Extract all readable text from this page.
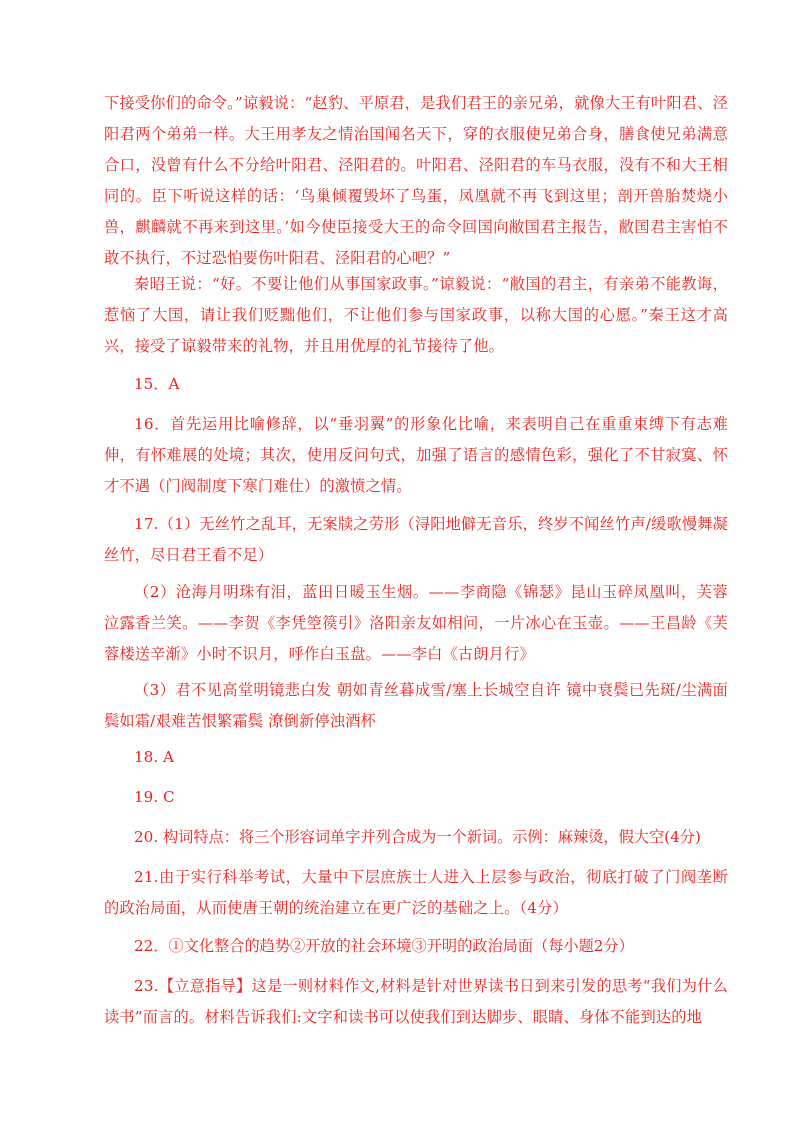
下接受你们的命令。”谅毅说：“赵豹、平原君，是我们君王的亲兄弟，就像大王有叶阳君、泾阳君两个弟弟一样。大王用孝友之情治国闻名天下，穿的衣服使兄弟合身，膳食使兄弟满意合口，没曾有什么不分给叶阳君、泾阳君的。叶阳君、泾阳君的车马衣服，没有不和大王相同的。臣下听说这样的话：‘鸟巢倾覆毁坏了鸟蛋，凤凰就不再飞到这里；剖开兽胎焚烧小兽，麒麟就不再来到这里。’如今使臣接受大王的命令回国向敝国君主报告，敝国君主害怕不敢不执行，不过恐怕要伤叶阳君、泾阳君的心吧？”

秦昭王说：“好。不要让他们从事国家政事。”谅毅说：“敝国的君主，有亲弟不能教诲，惹恼了大国，请让我们贬黜他们，不让他们参与国家政事，以称大国的心愿。”秦王这才高兴，接受了谅毅带来的礼物，并且用优厚的礼节接待了他。

15．A

16．首先运用比喻修辞，以“垂羽翼”的形象化比喻，来表明自己在重重束缚下有志难伸，有怀难展的处境；其次，使用反问句式，加强了语言的感情色彩，强化了不甘寂寞、怀才不遇（门阀制度下寒门难仕）的激愤之情。

17.（1）无丝竹之乱耳，无案牍之劳形（浔阳地僻无音乐，终岁不闻丝竹声/缓歌慢舞凝丝竹，尽日君王看不足）

（2）沧海月明珠有泪，蓝田日暖玉生烟。——李商隐《锦瑟》昆山玉碎凤凰叫，芙蓉泣露香兰笑。——李贺《李凭箜篌引》洛阳亲友如相问，一片冰心在玉壶。——王昌龄《芙蓉楼送辛渐》小时不识月，呼作白玉盘。——李白《古朗月行》

（3）君不见高堂明镜悲白发 朝如青丝暮成雪/塞上长城空自许 镜中衰鬓已先斑/尘满面鬓如霜/艰难苦恨繁霜鬓 潦倒新停浊酒杯

18. A

19. C

20. 构词特点：将三个形容词单字并列合成为一个新词。示例：麻辣烫，假大空(4分)

21.由于实行科举考试，大量中下层庶族士人进入上层参与政治，彻底打破了门阀垄断的政治局面，从而使唐王朝的统治建立在更广泛的基础之上。（4分）

22．①文化整合的趋势②开放的社会环境③开明的政治局面（每小题2分）

23.【立意指导】这是一则材料作文,材料是针对世界读书日到来引发的思考“我们为什么读书”而言的。材料告诉我们:文字和读书可以使我们到达脚步、眼睛、身体不能到达的地
